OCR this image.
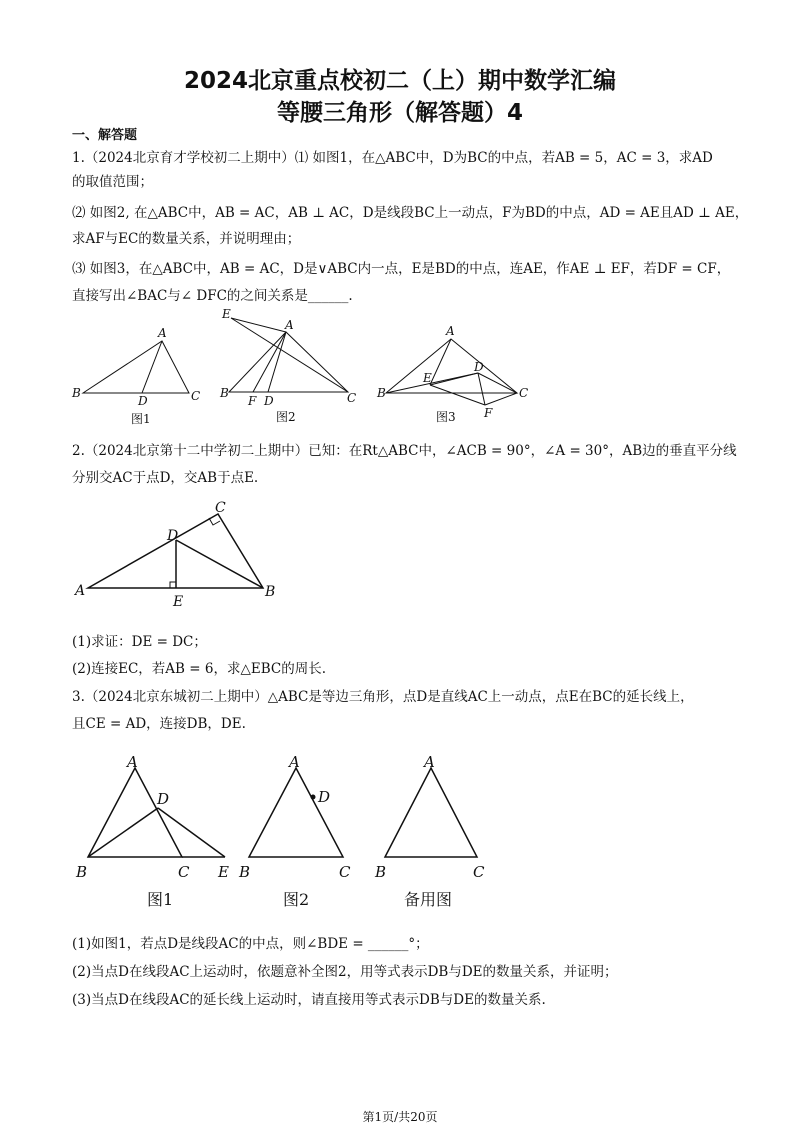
2024北京重点校初二（上）期中数学汇编
等腰三角形（解答题）4
一、解答题
1.（2024北京育才学校初二上期中）⑴ 如图1，在△ABC中，D为BC的中点，若AB = 5，AC = 3，求AD
的取值范围；
⑵ 如图2, 在△ABC中，AB = AC，AB ⊥ AC，D是线段BC上一动点，F为BD的中点，AD = AE且AD ⊥ AE，
求AF与EC的数量关系，并说明理由；
⑶ 如图3，在△ABC中，AB = AC，D是∨ABC内一点，E是BD的中点，连AE，作AE ⊥ EF，若DF = CF，
直接写出∠BAC与∠ DFC的之间关系是______.
A
B	C
D
图1
E
A
B	C
F D
图2
A
B	C
D
E
F
图3
2.（2024北京第十二中学初二上期中）已知：在Rt△ABC中，∠ACB = 90°，∠A = 30°，AB边的垂直平分线
分别交AC于点D，交AB于点E.
A
C
D
E
B
(1)求证：DE = DC；
(2)连接EC，若AB = 6，求△EBC的周长.
3.（2024北京东城初二上期中）△ABC是等边三角形，点D是直线AC上一动点，点E在BC的延长线上，
且CE = AD，连接DB，DE.
A
D
B	C E
图1
A
D
B	C
图2
A
B	C
备用图
(1)如图1，若点D是线段AC的中点，则∠BDE = ______°；
(2)当点D在线段AC上运动时，依题意补全图2，用等式表示DB与DE的数量关系，并证明；
(3)当点D在线段AC的延长线上运动时，请直接用等式表示DB与DE的数量关系.
第1页/共20页
